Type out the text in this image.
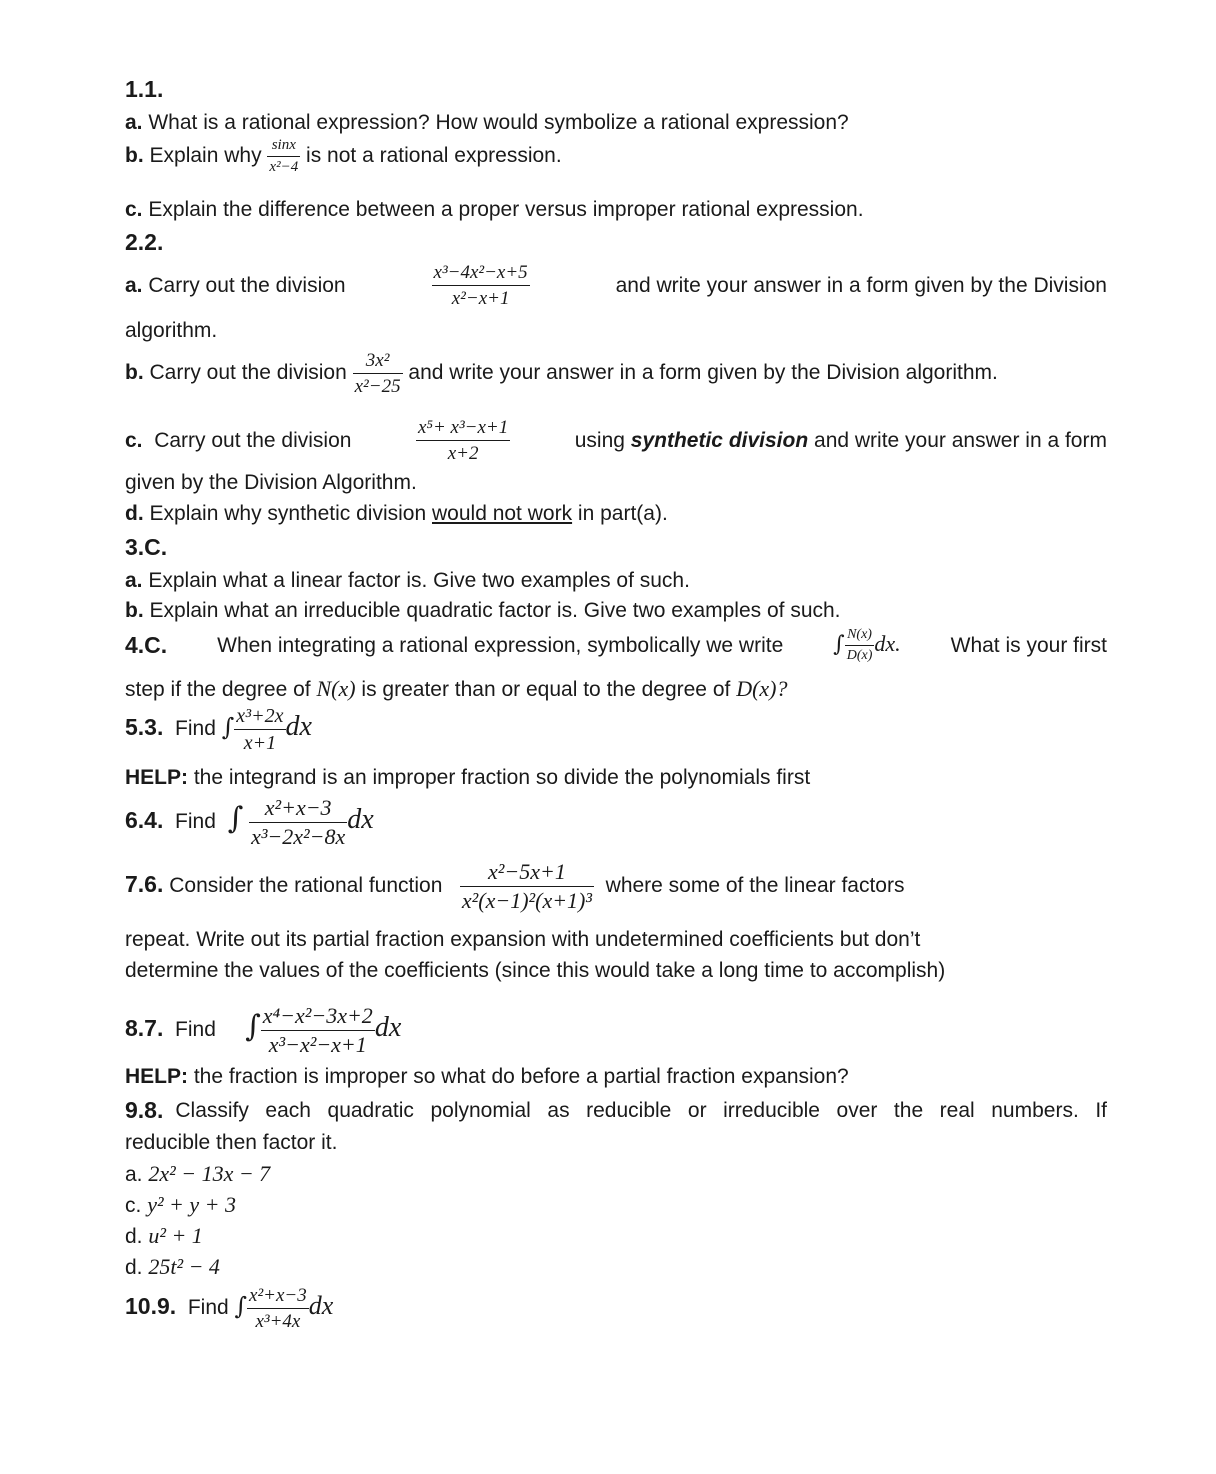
1.1.
a. What is a rational expression? How would symbolize a rational expression?
b. Explain why $\frac{\sin x}{\text{x²−4}}$ is not a rational expression.
c. Explain the difference between a proper versus improper rational expression.
2.2.
a. Carry out the division	$\frac{\text{x³−4x²−x+5}}{\text{x²−x+1}}$	and write your answer in a form given by the Division
algorithm.
b. Carry out the division $\frac{\text{3x²}}{\text{x²−25}}$ and write your answer in a form given by the Division algorithm.
c. Carry out the division	$\frac{\text{x⁵+ x³−x+1}}{x+2}$	using synthetic division and write your answer in a form
given by the Division Algorithm.
d. Explain why synthetic division would not work in part(a).
3.C.
a. Explain what a linear factor is. Give two examples of such.
b. Explain what an irreducible quadratic factor is. Give two examples of such.
4.C. When integrating a rational expression, symbolically we write ∫ $\frac{N(x)}{D(x)}$ dx. What is your first
step if the degree of N(x) is greater than or equal to the degree of D(x)?
5.3. Find ∫ $\frac{\text{x³+2x}}{x+1}$ dx
HELP: the integrand is an improper fraction so divide the polynomials first
6.4. Find ∫ $\frac{\text{x²+x−3}}{\text{x³−2x²−8x}}$ dx
7.6. Consider the rational function $\frac{\text{x²−5x+1}}{\text{x²(x−1)²(x+1)³}}$ where some of the linear factors
repeat. Write out its partial fraction expansion with undetermined coefficients but don’t
determine the values of the coefficients (since this would take a long time to accomplish)
8.7. Find ∫ $\frac{\text{x⁴−x²−3x+2}}{\text{x³−x²−x+1}}$ dx
HELP: the fraction is improper so what do before a partial fraction expansion?
9.8. Classify each quadratic polynomial as reducible or irreducible over the real numbers. If
reducible then factor it.
a. 2x² − 13x − 7
c. y² + y + 3
d. u² + 1
d. 25t² − 4
10.9. Find ∫ $\frac{\text{x²+x−3}}{\text{x³+4x}}$ dx
